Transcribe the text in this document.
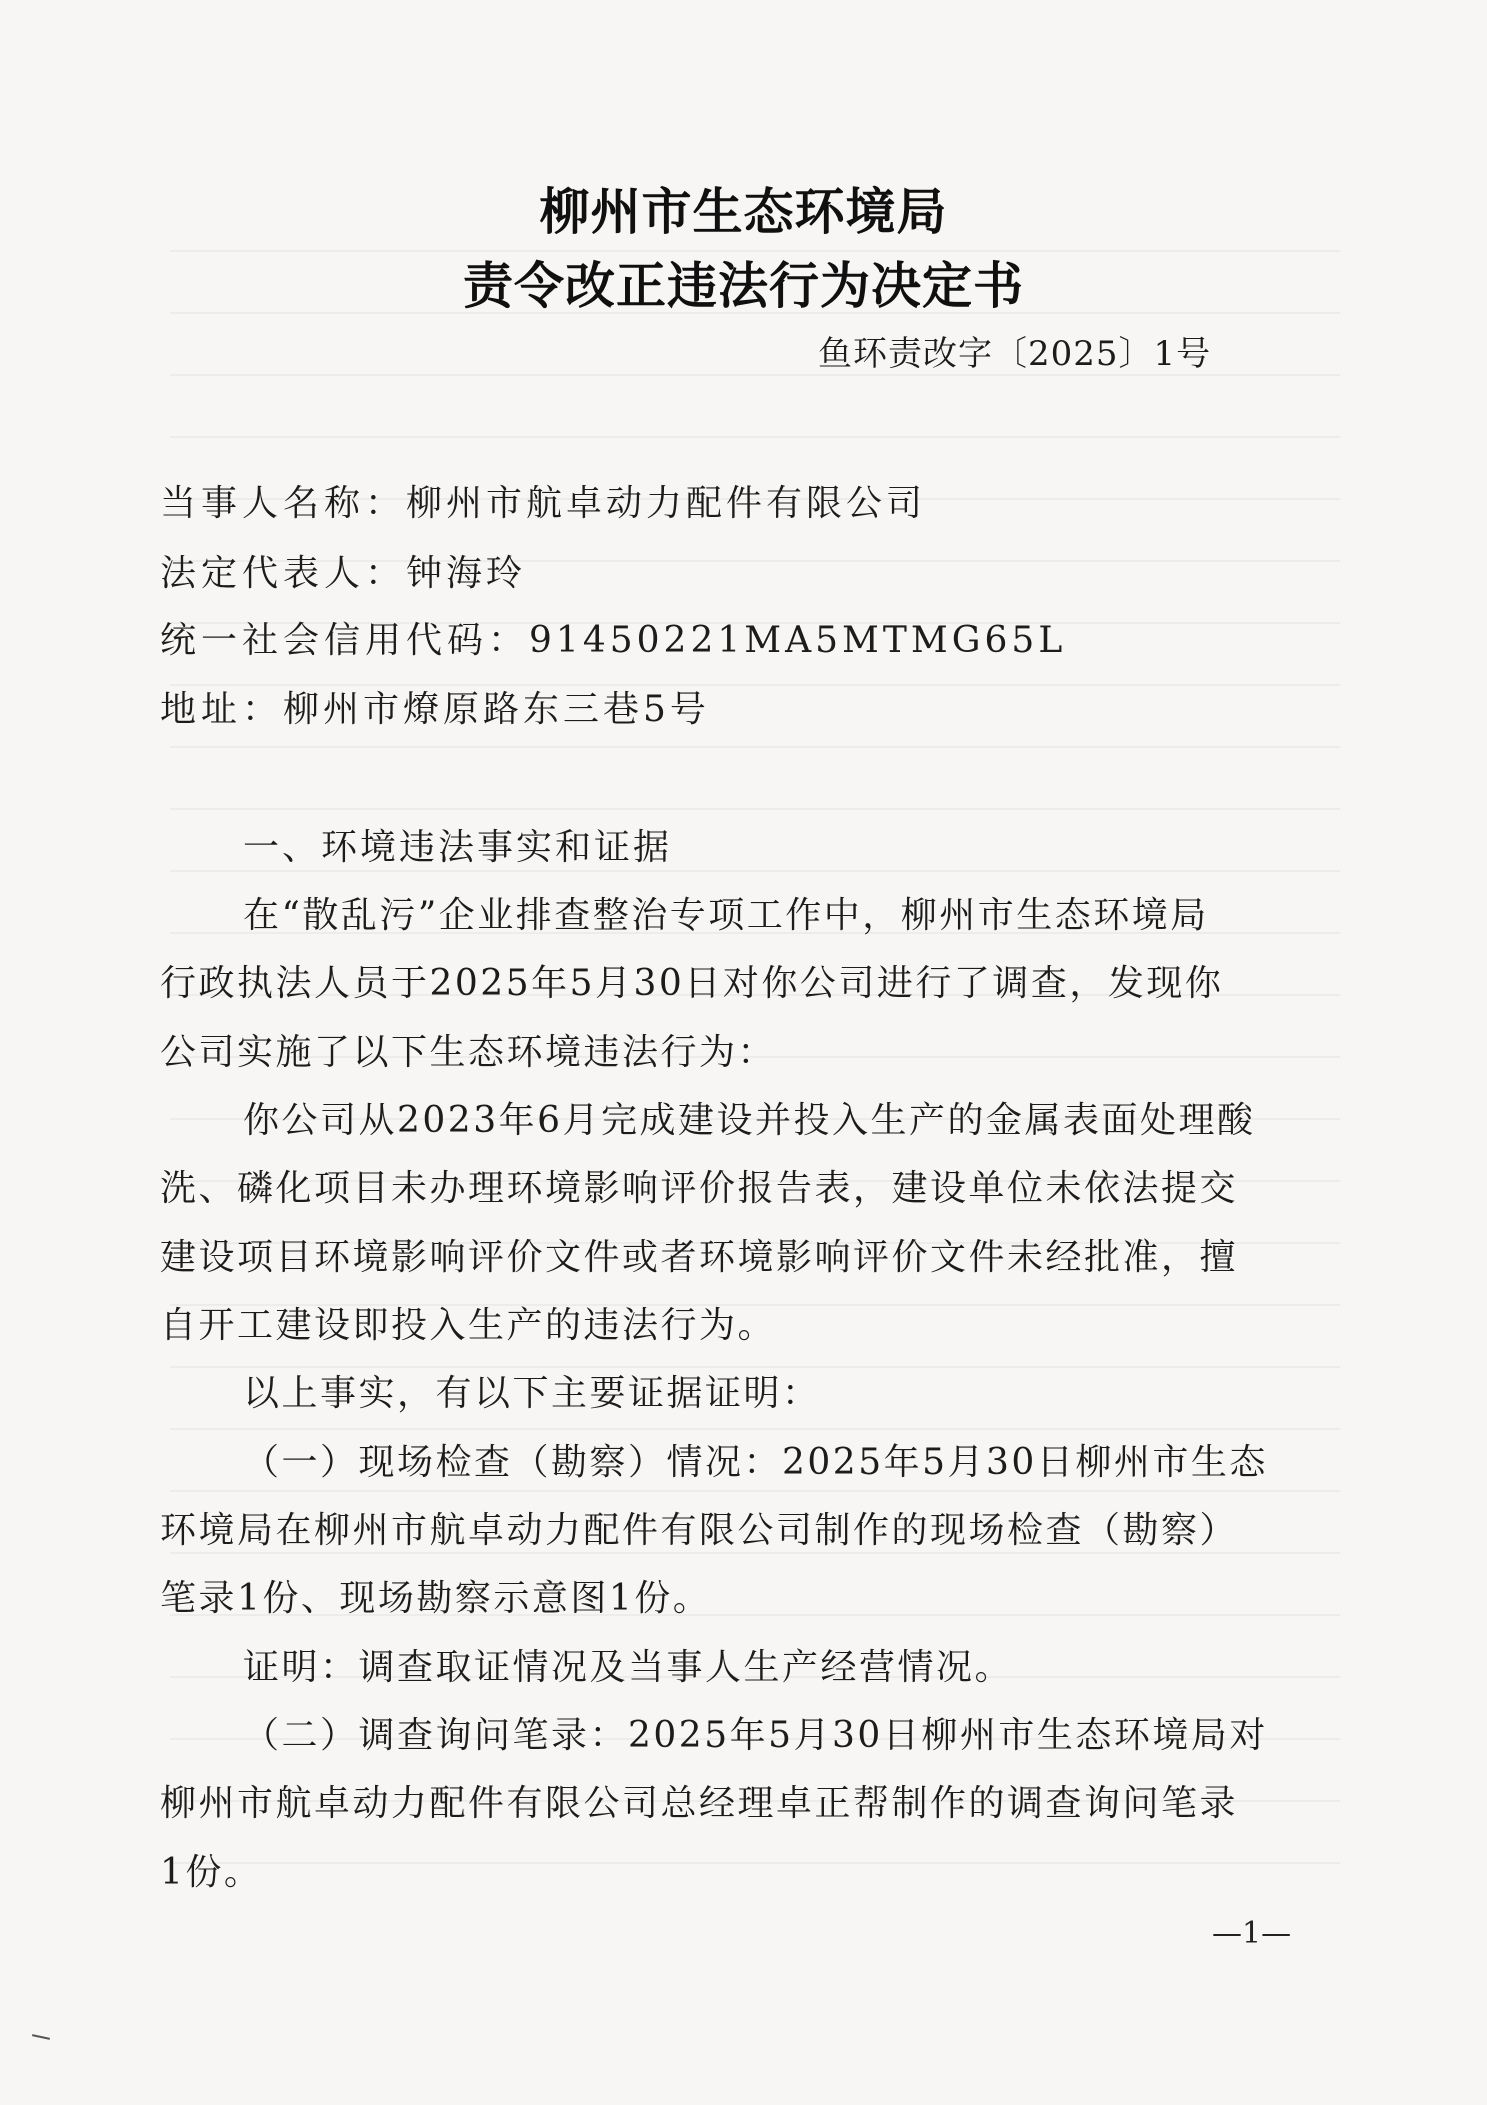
柳州市生态环境局
责令改正违法行为决定书
鱼环责改字〔2025〕1号
当事人名称：柳州市航卓动力配件有限公司
法定代表人：钟海玲
统一社会信用代码：91450221MA5MTMG65L
地址：柳州市燎原路东三巷5号
一、环境违法事实和证据
在“散乱污”企业排查整治专项工作中，柳州市生态环境局
行政执法人员于2025年5月30日对你公司进行了调查，发现你
公司实施了以下生态环境违法行为：
你公司从2023年6月完成建设并投入生产的金属表面处理酸
洗、磷化项目未办理环境影响评价报告表，建设单位未依法提交
建设项目环境影响评价文件或者环境影响评价文件未经批准，擅
自开工建设即投入生产的违法行为。
以上事实，有以下主要证据证明：
（一）现场检查（勘察）情况：2025年5月30日柳州市生态
环境局在柳州市航卓动力配件有限公司制作的现场检查（勘察）
笔录1份、现场勘察示意图1份。
证明：调查取证情况及当事人生产经营情况。
（二）调查询问笔录：2025年5月30日柳州市生态环境局对
柳州市航卓动力配件有限公司总经理卓正帮制作的调查询问笔录
1份。
—1—
